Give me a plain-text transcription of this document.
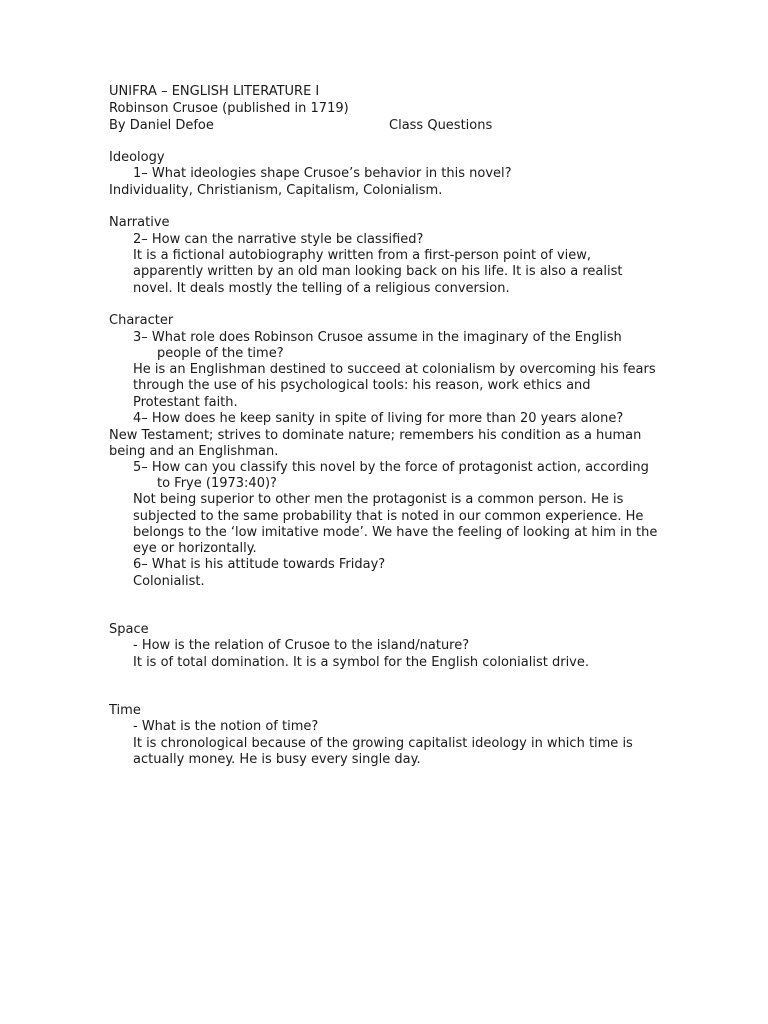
UNIFRA – ENGLISH LITERATURE I
Robinson Crusoe (published in 1719)
By Daniel Defoe	Class Questions
Ideology
1– What ideologies shape Crusoe’s behavior in this novel?
Individuality, Christianism, Capitalism, Colonialism.
Narrative
2– How can the narrative style be classified?
It is a fictional autobiography written from a first-person point of view,
apparently written by an old man looking back on his life. It is also a realist
novel. It deals mostly the telling of a religious conversion.
Character
3– What role does Robinson Crusoe assume in the imaginary of the English
people of the time?
He is an Englishman destined to succeed at colonialism by overcoming his fears
through the use of his psychological tools: his reason, work ethics and
Protestant faith.
4– How does he keep sanity in spite of living for more than 20 years alone?
New Testament; strives to dominate nature; remembers his condition as a human
being and an Englishman.
5– How can you classify this novel by the force of protagonist action, according
to Frye (1973:40)?
Not being superior to other men the protagonist is a common person. He is
subjected to the same probability that is noted in our common experience. He
belongs to the ‘low imitative mode’. We have the feeling of looking at him in the
eye or horizontally.
6– What is his attitude towards Friday?
Colonialist.
Space
- How is the relation of Crusoe to the island/nature?
It is of total domination. It is a symbol for the English colonialist drive.
Time
- What is the notion of time?
It is chronological because of the growing capitalist ideology in which time is
actually money. He is busy every single day.
